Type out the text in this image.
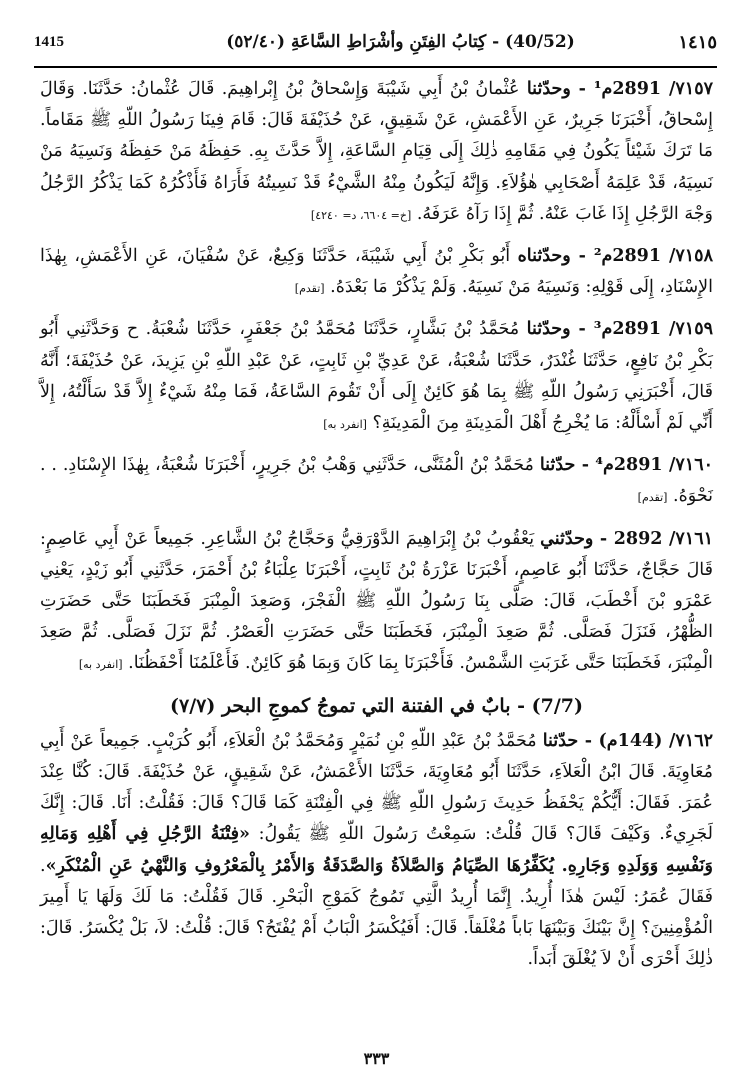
1415	(40/52) - كِتابُ الفِتَنِ وأشْرَاطِ السَّاعَةِ (٥٢/٤٠)	١٤١٥

٧١٥٧/ 2891م¹ - وحدّثنا عُثْمانُ بْنُ أَبِي شَيْبَةَ وَإِسْحاقُ بْنُ إِبْراهِيمَ. قَالَ عُثْمانُ: حَدَّثَنَا. وَقَالَ إِسْحاقُ، أَخْبَرَنَا جَرِيرٌ، عَنِ الأَعْمَشِ، عَنْ شَقِيقٍ، عَنْ حُذَيْفَةَ قَالَ: قَامَ فِينَا رَسُولُ اللّهِ ﷺ مَقَاماً. مَا تَرَكَ شَيْئاً يَكُونُ فِي مَقَامِهِ ذٰلِكَ إِلَى قِيَامِ السَّاعَةِ، إِلاَّ حَدَّثَ بِهِ. حَفِظَهُ مَنْ حَفِظَهُ وَنَسِيَهُ مَنْ نَسِيَهُ، قَدْ عَلِمَهُ أَصْحَابِي هٰؤُلاَءِ. وَإِنَّهُ لَيَكُونُ مِنْهُ الشَّيْءُ قَدْ نَسِيتُهُ فَأَرَاهُ فَأَذْكُرُهُ كَمَا يَذْكُرُ الرَّجُلُ وَجْهَ الرَّجُلِ إِذَا غَابَ عَنْهُ. ثُمَّ إِذَا رَآهُ عَرَفَهُ. [خ= ٦٦٠٤، د= ٤٢٤٠]

٧١٥٨/ 2891م² - وحدّثناه أَبُو بَكْرِ بْنُ أَبِي شَيْبَةَ، حَدَّثَنَا وَكِيعٌ، عَنْ سُفْيَانَ، عَنِ الأَعْمَشِ، بِهٰذَا الإِسْنَادِ، إِلَى قَوْلِهِ: وَنَسِيَهُ مَنْ نَسِيَهُ. وَلَمْ يَذْكُرْ مَا بَعْدَهُ. [تقدم]

٧١٥٩/ 2891م³ - وحدّثنا مُحَمَّدُ بْنُ بَشَّارٍ، حَدَّثَنَا مُحَمَّدُ بْنُ جَعْفَرٍ، حَدَّثَنَا شُعْبَةُ. ح وَحَدَّثَنِي أَبُو بَكْرِ بْنُ نَافِعٍ، حَدَّثَنَا غُنْدَرٌ، حَدَّثَنَا شُعْبَةُ، عَنْ عَدِيِّ بْنِ ثَابِتٍ، عَنْ عَبْدِ اللّهِ بْنِ يَزِيدَ، عَنْ حُذَيْفَةَ؛ أَنَّهُ قَالَ، أَخْبَرَنِي رَسُولُ اللّهِ ﷺ بِمَا هُوَ كَائِنٌ إِلَى أَنْ تَقُومَ السَّاعَةُ، فَمَا مِنْهُ شَيْءٌ إِلاَّ قَدْ سَأَلْتُهُ، إِلاَّ أَنِّي لَمْ أَسْأَلْهُ: مَا يُخْرِجُ أَهْلَ الْمَدِينَةِ مِنَ الْمَدِينَةِ؟ [انفرد به]

٧١٦٠/ 2891م⁴ - حدّثنا مُحَمَّدُ بْنُ الْمُثَنَّى، حَدَّثَنِي وَهْبُ بْنُ جَرِيرٍ، أَخْبَرَنَا شُعْبَةُ، بِهٰذَا الإِسْنَادِ. . . نَحْوَهُ. [تقدم]

٧١٦١/ 2892 - وحدّثني يَعْقُوبُ بْنُ إِبْرَاهِيمَ الدَّوْرَقِيُّ وَحَجَّاجُ بْنُ الشَّاعِرِ. جَمِيعاً عَنْ أَبِي عَاصِمٍ: قَالَ حَجَّاجٌ، حَدَّثَنَا أَبُو عَاصِمٍ، أَخْبَرَنَا عَزْرَةُ بْنُ ثَابِتٍ، أَخْبَرَنَا عِلْبَاءُ بْنُ أَحْمَرَ، حَدَّثَنِي أَبُو زَيْدٍ، يَعْنِي عَمْرَو بْنَ أَخْطَبَ، قَالَ: صَلَّى بِنَا رَسُولُ اللّهِ ﷺ الْفَجْرَ، وَصَعِدَ الْمِنْبَرَ فَخَطَبَنَا حَتَّى حَضَرَتِ الظُّهْرُ، فَنَزَلَ فَصَلَّى. ثُمَّ صَعِدَ الْمِنْبَرَ، فَخَطَبَنَا حَتَّى حَضَرَتِ الْعَصْرُ. ثُمَّ نَزَلَ فَصَلَّى. ثُمَّ صَعِدَ الْمِنْبَرَ، فَخَطَبَنَا حَتَّى غَرَبَتِ الشَّمْسُ. فَأَخْبَرَنَا بِمَا كَانَ وَبِمَا هُوَ كَائِنٌ. فَأَعْلَمُنَا أَحْفَظُنَا. [انفرد به]

(7/7) - بابٌ في الفتنة التي تموجُ كموجِ البحر (٧/٧)

٧١٦٢/ (144م) - حدّثنا مُحَمَّدُ بْنُ عَبْدِ اللّهِ بْنِ نُمَيْرٍ وَمُحَمَّدُ بْنُ الْعَلاَءِ، أَبُو كُرَيْبٍ. جَمِيعاً عَنْ أَبِي مُعَاوِيَةَ. قَالَ ابْنُ الْعَلاَءِ، حَدَّثَنَا أَبُو مُعَاوِيَةَ، حَدَّثَنَا الأَعْمَشُ، عَنْ شَقِيقٍ، عَنْ حُذَيْفَةَ. قَالَ: كُنَّا عِنْدَ عُمَرَ. فَقَالَ: أَيُّكُمْ يَحْفَظُ حَدِيثَ رَسُولِ اللّهِ ﷺ فِي الْفِتْنَةِ كَمَا قَالَ؟ قَالَ: فَقُلْتُ: أَنَا. قَالَ: إِنَّكَ لَجَرِيءٌ. وَكَيْفَ قَالَ؟ قَالَ قُلْتُ: سَمِعْتُ رَسُولَ اللّهِ ﷺ يَقُولُ: «فِتْنَةُ الرَّجُلِ فِي أَهْلِهِ وَمَالِهِ وَنَفْسِهِ وَوَلَدِهِ وَجَارِهِ. يُكَفِّرُهَا الصِّيَامُ وَالصَّلاَةُ وَالصَّدَقَةُ وَالأَمْرُ بِالْمَعْرُوفِ وَالنَّهْيُ عَنِ الْمُنْكَرِ». فَقَالَ عُمَرُ: لَيْسَ هٰذَا أُرِيدُ. إِنَّمَا أُرِيدُ الَّتِي تَمُوجُ كَمَوْجِ الْبَحْرِ. قَالَ فَقُلْتُ: مَا لَكَ وَلَهَا يَا أَمِيرَ الْمُؤْمِنِينَ؟ إِنَّ بَيْنَكَ وَبَيْنَهَا بَاباً مُغْلَقاً. قَالَ: أَفَيُكْسَرُ الْبَابُ أَمْ يُفْتَحُ؟ قَالَ: قُلْتُ: لاَ، بَلْ يُكْسَرُ. قَالَ: ذٰلِكَ أَحْرَى أَنْ لاَ يُغْلَقَ أَبَداً.

٣٣٣
